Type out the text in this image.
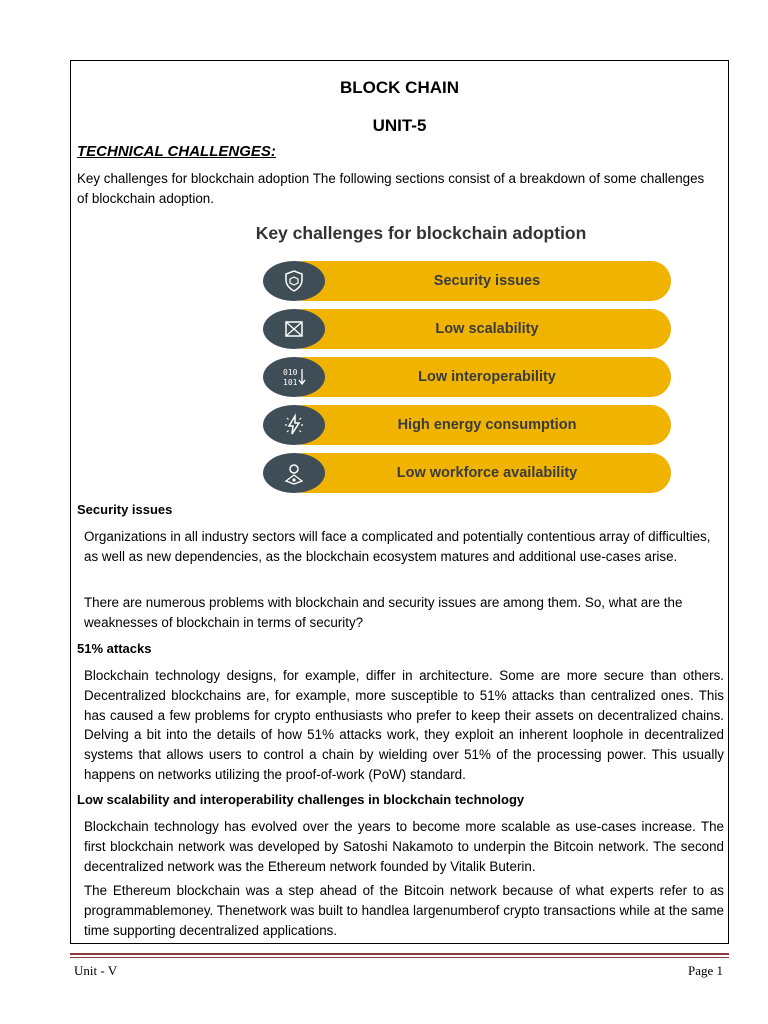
BLOCK CHAIN
UNIT-5
TECHNICAL CHALLENGES:
Key challenges for blockchain adoption The following sections consist of a breakdown of some challenges of blockchain adoption.
Key challenges for blockchain adoption
Security issues
Low scalability
Low interoperability
010
101
High energy consumption
Low workforce availability
Security issues
Organizations in all industry sectors will face a complicated and potentially contentious array of difficulties, as well as new dependencies, as the blockchain ecosystem matures and additional use-cases arise.
There are numerous problems with blockchain and security issues are among them. So, what are the weaknesses of blockchain in terms of security?
51% attacks
Blockchain technology designs, for example, differ in architecture. Some are more secure than others. Decentralized blockchains are, for example, more susceptible to 51% attacks than centralized ones. This has caused a few problems for crypto enthusiasts who prefer to keep their assets on decentralized chains. Delving a bit into the details of how 51% attacks work, they exploit an inherent loophole in decentralized systems that allows users to control a chain by wielding over 51% of the processing power. This usually happens on networks utilizing the proof-of-work (PoW) standard.
Low scalability and interoperability challenges in blockchain technology
Blockchain technology has evolved over the years to become more scalable as use-cases increase. The first blockchain network was developed by Satoshi Nakamoto to underpin the Bitcoin network. The second decentralized network was the Ethereum network founded by Vitalik Buterin.
The Ethereum blockchain was a step ahead of the Bitcoin network because of what experts refer to as programmablemoney. Thenetwork was built to handlea largenumberof crypto transactions while at the same time supporting decentralized applications.
Unit - V	Page 1
